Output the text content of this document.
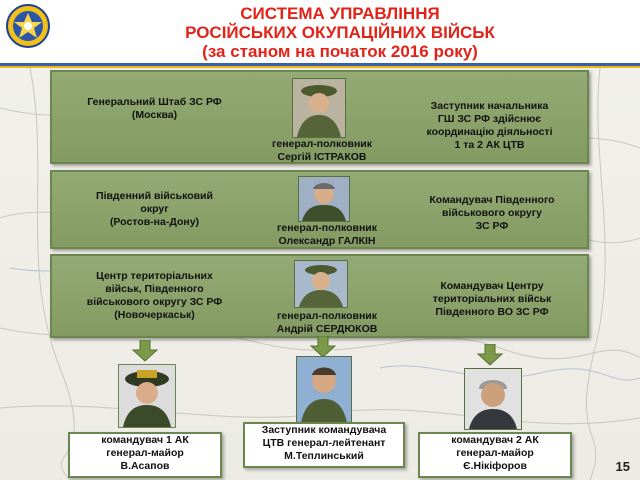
СИСТЕМА УПРАВЛІННЯ
РОСІЙСЬКИХ ОКУПАЦІЙНИХ ВІЙСЬК
(за станом на початок 2016 року)
Генеральний Штаб ЗС РФ
(Москва)
генерал-полковник
Сергій ІСТРАКОВ
Заступник начальника
ГШ ЗС РФ здійснює
координацію діяльності
1 та 2 АК ЦТВ
Південний військовий
округ
(Ростов-на-Дону)	генерал-полковник
Олександр ГАЛКІН
Командувач Південного
військового округу
ЗС РФ
Центр територіальних
військ, Південного
військового округу ЗС РФ
(Новочеркаськ)	генерал-полковник
Андрій СЕРДЮКОВ
Командувач Центру
територіальних військ
Південного ВО ЗС РФ
командувач 1 АК
генерал-майор
В.Асапов
Заступник командувача
ЦТВ генерал-лейтенант
М.Теплинський
командувач 2 АК
генерал-майор
Є.Нікіфоров	15
